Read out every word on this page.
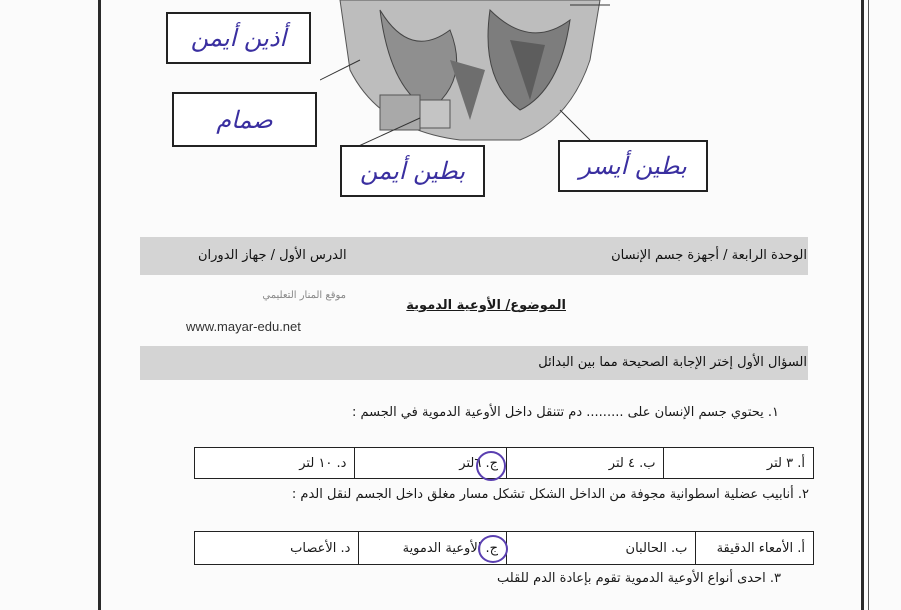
أذين أيمن
صمام
بطين أيمن	بطين أيسر
الوحدة الرابعة / أجهزة جسم الإنسان
الدرس الأول / جهاز الدوران
موقع المنار التعليمي
www.mayar-edu.net
الموضوع/ الأوعية الدموية
السؤال الأول إختر الإجابة الصحيحة مما بين البدائل
١. يحتوي جسم الإنسان على ......... دم تتنقل داخل الأوعية الدموية في الجسم :
أ. ٣ لتر
ب. ٤ لتر
ج. ٦لتر
د. ١٠ لتر
٢. أنابيب عضلية اسطوانية مجوفة من الداخل الشكل تشكل مسار مغلق داخل الجسم لنقل الدم :
أ. الأمعاء الدقيقة
ب. الحالبان
ج. الأوعية الدموية
د. الأعصاب
٣. احدى أنواع الأوعية الدموية تقوم بإعادة الدم للقلب
